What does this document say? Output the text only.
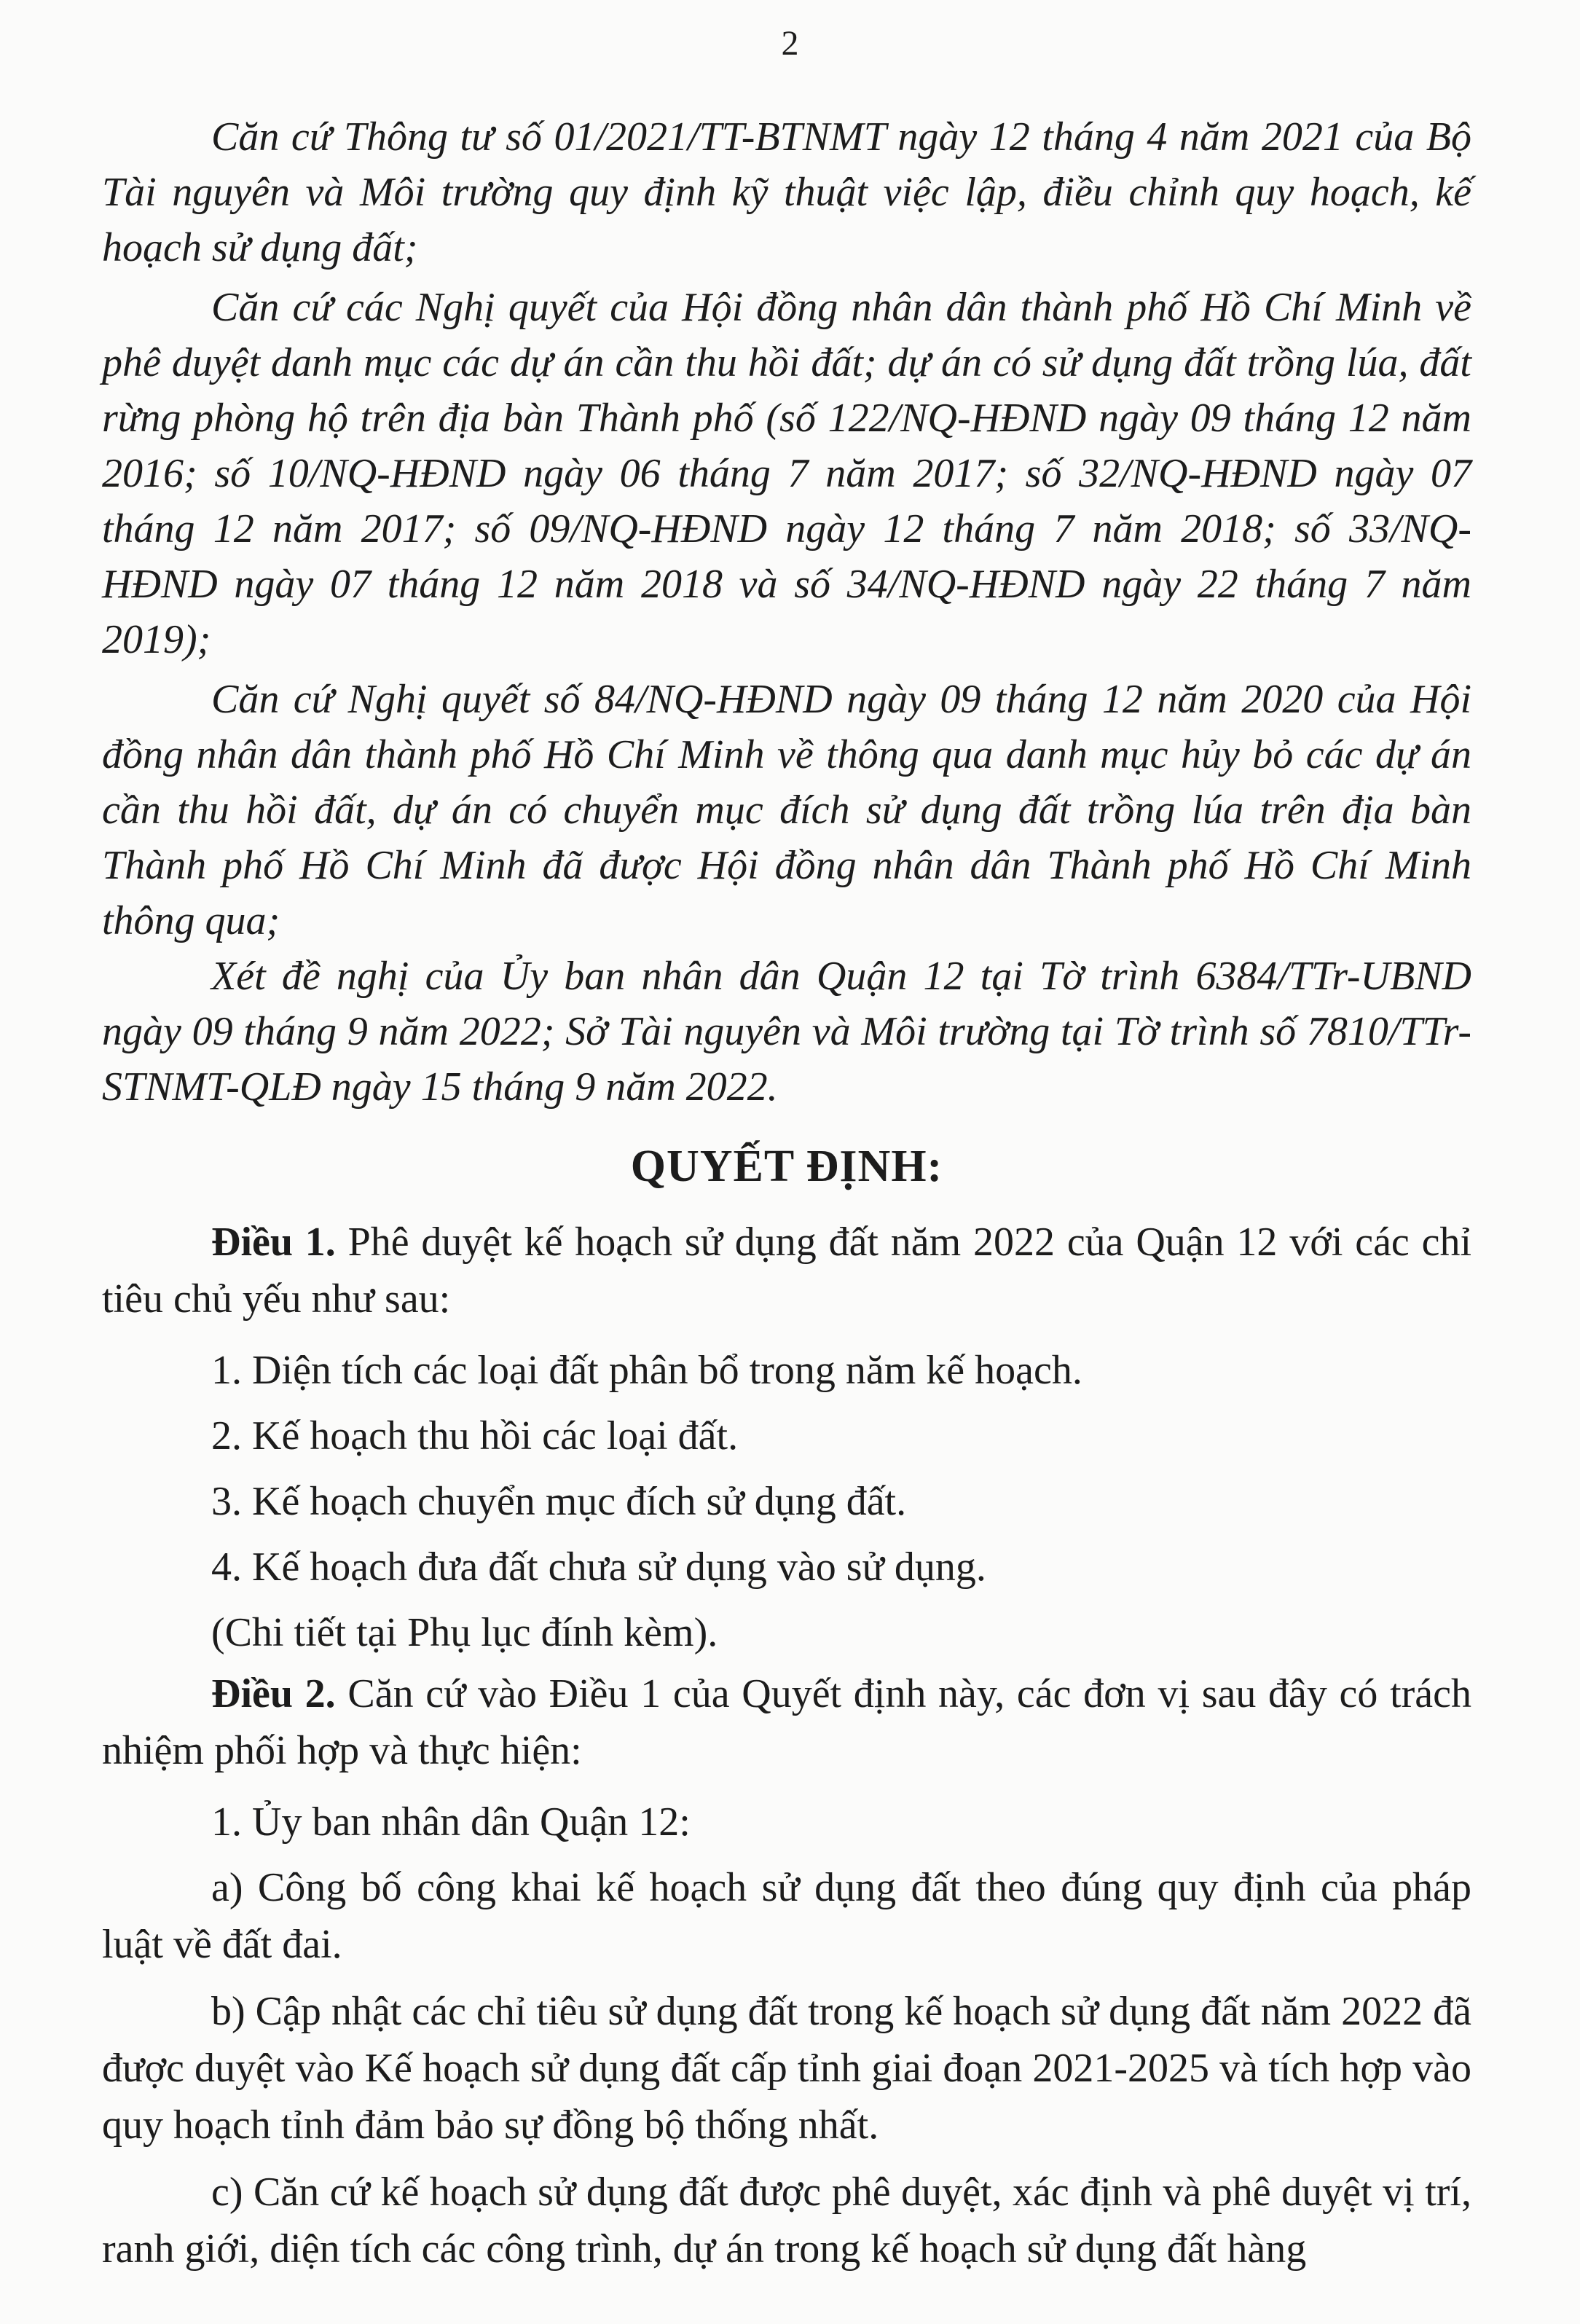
2

Căn cứ Thông tư số 01/2021/TT-BTNMT ngày 12 tháng 4 năm 2021 của Bộ Tài nguyên và Môi trường quy định kỹ thuật việc lập, điều chỉnh quy hoạch, kế hoạch sử dụng đất;

Căn cứ các Nghị quyết của Hội đồng nhân dân thành phố Hồ Chí Minh về phê duyệt danh mục các dự án cần thu hồi đất; dự án có sử dụng đất trồng lúa, đất rừng phòng hộ trên địa bàn Thành phố (số 122/NQ-HĐND ngày 09 tháng 12 năm 2016; số 10/NQ-HĐND ngày 06 tháng 7 năm 2017; số 32/NQ-HĐND ngày 07 tháng 12 năm 2017; số 09/NQ-HĐND ngày 12 tháng 7 năm 2018; số 33/NQ-HĐND ngày 07 tháng 12 năm 2018 và số 34/NQ-HĐND ngày 22 tháng 7 năm 2019);

Căn cứ Nghị quyết số 84/NQ-HĐND ngày 09 tháng 12 năm 2020 của Hội đồng nhân dân thành phố Hồ Chí Minh về thông qua danh mục hủy bỏ các dự án cần thu hồi đất, dự án có chuyển mục đích sử dụng đất trồng lúa trên địa bàn Thành phố Hồ Chí Minh đã được Hội đồng nhân dân Thành phố Hồ Chí Minh thông qua;

Xét đề nghị của Ủy ban nhân dân Quận 12 tại Tờ trình 6384/TTr-UBND ngày 09 tháng 9 năm 2022; Sở Tài nguyên và Môi trường tại Tờ trình số 7810/TTr-STNMT-QLĐ ngày 15 tháng 9 năm 2022.

QUYẾT ĐỊNH:

Điều 1. Phê duyệt kế hoạch sử dụng đất năm 2022 của Quận 12 với các chỉ tiêu chủ yếu như sau:

1. Diện tích các loại đất phân bổ trong năm kế hoạch.

2. Kế hoạch thu hồi các loại đất.

3. Kế hoạch chuyển mục đích sử dụng đất.

4. Kế hoạch đưa đất chưa sử dụng vào sử dụng.

(Chi tiết tại Phụ lục đính kèm).

Điều 2. Căn cứ vào Điều 1 của Quyết định này, các đơn vị sau đây có trách nhiệm phối hợp và thực hiện:

1. Ủy ban nhân dân Quận 12:

a) Công bố công khai kế hoạch sử dụng đất theo đúng quy định của pháp luật về đất đai.

b) Cập nhật các chỉ tiêu sử dụng đất trong kế hoạch sử dụng đất năm 2022 đã được duyệt vào Kế hoạch sử dụng đất cấp tỉnh giai đoạn 2021-2025 và tích hợp vào quy hoạch tỉnh đảm bảo sự đồng bộ thống nhất.

c) Căn cứ kế hoạch sử dụng đất được phê duyệt, xác định và phê duyệt vị trí, ranh giới, diện tích các công trình, dự án trong kế hoạch sử dụng đất hàng
